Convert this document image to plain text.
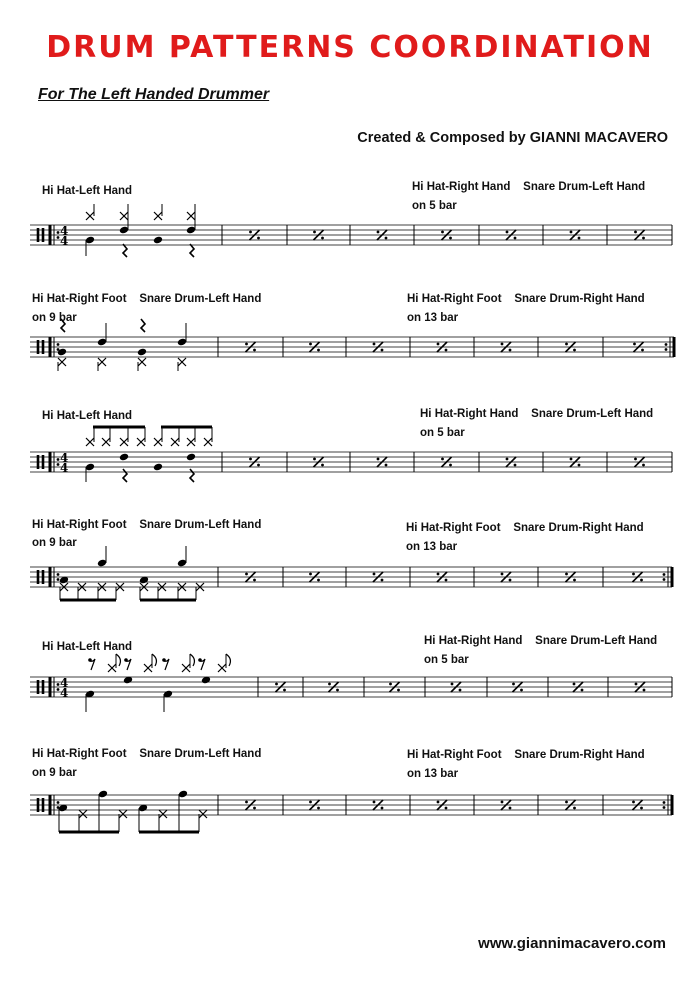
DRUM PATTERNS COORDINATION
For The Left Handed Drummer
Created & Composed by GIANNI MACAVERO
Hi Hat-Left Hand	Hi Hat-Right Hand    Snare Drum-Left Hand
on 5 bar
Hi Hat-Right Foot    Snare Drum-Left Hand
on 9 bar
Hi Hat-Right Foot    Snare Drum-Right Hand
on 13 bar
Hi Hat-Left Hand	Hi Hat-Right Hand    Snare Drum-Left Hand
on 5 bar
Hi Hat-Right Foot    Snare Drum-Left Hand
on 9 bar
Hi Hat-Right Foot    Snare Drum-Right Hand
on 13 bar
Hi Hat-Left Hand	Hi Hat-Right Hand    Snare Drum-Left Hand
on 5 bar
Hi Hat-Right Foot    Snare Drum-Left Hand
on 9 bar
Hi Hat-Right Foot    Snare Drum-Right Hand
on 13 bar
4
4
4
4
4
4
www.giannimacavero.com
